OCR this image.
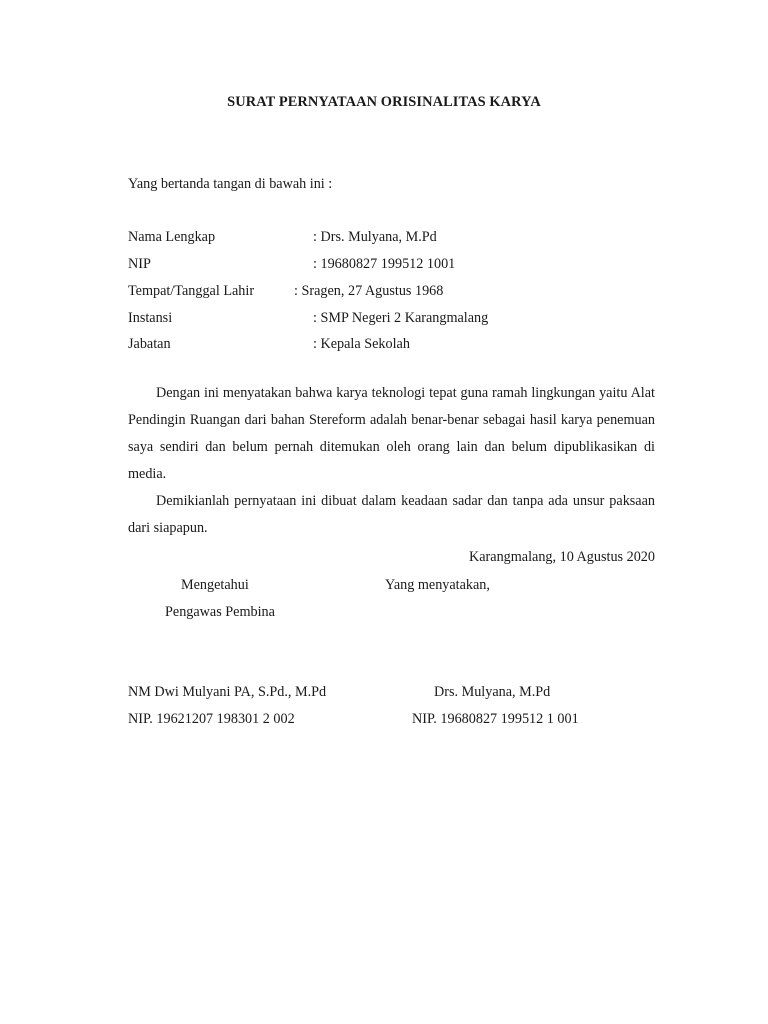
SURAT PERNYATAAN ORISINALITAS KARYA
Yang bertanda tangan di bawah ini :
Nama Lengkap	: Drs. Mulyana, M.Pd
NIP	: 19680827 199512 1001
Tempat/Tanggal Lahir	: Sragen, 27 Agustus 1968
Instansi	: SMP Negeri 2 Karangmalang
Jabatan	: Kepala Sekolah

Dengan ini menyatakan bahwa karya teknologi tepat guna ramah lingkungan yaitu Alat Pendingin Ruangan dari bahan Stereform adalah benar-benar sebagai hasil karya penemuan saya sendiri dan belum pernah ditemukan oleh orang lain dan belum dipublikasikan di media.

Demikianlah pernyataan ini dibuat dalam keadaan sadar dan tanpa ada unsur paksaan dari siapapun.

Karangmalang, 10 Agustus 2020
Mengetahui	Yang menyatakan,
Pengawas Pembina
NM Dwi Mulyani PA, S.Pd., M.Pd	Drs. Mulyana, M.Pd
NIP. 19621207 198301 2 002	NIP. 19680827 199512 1 001
